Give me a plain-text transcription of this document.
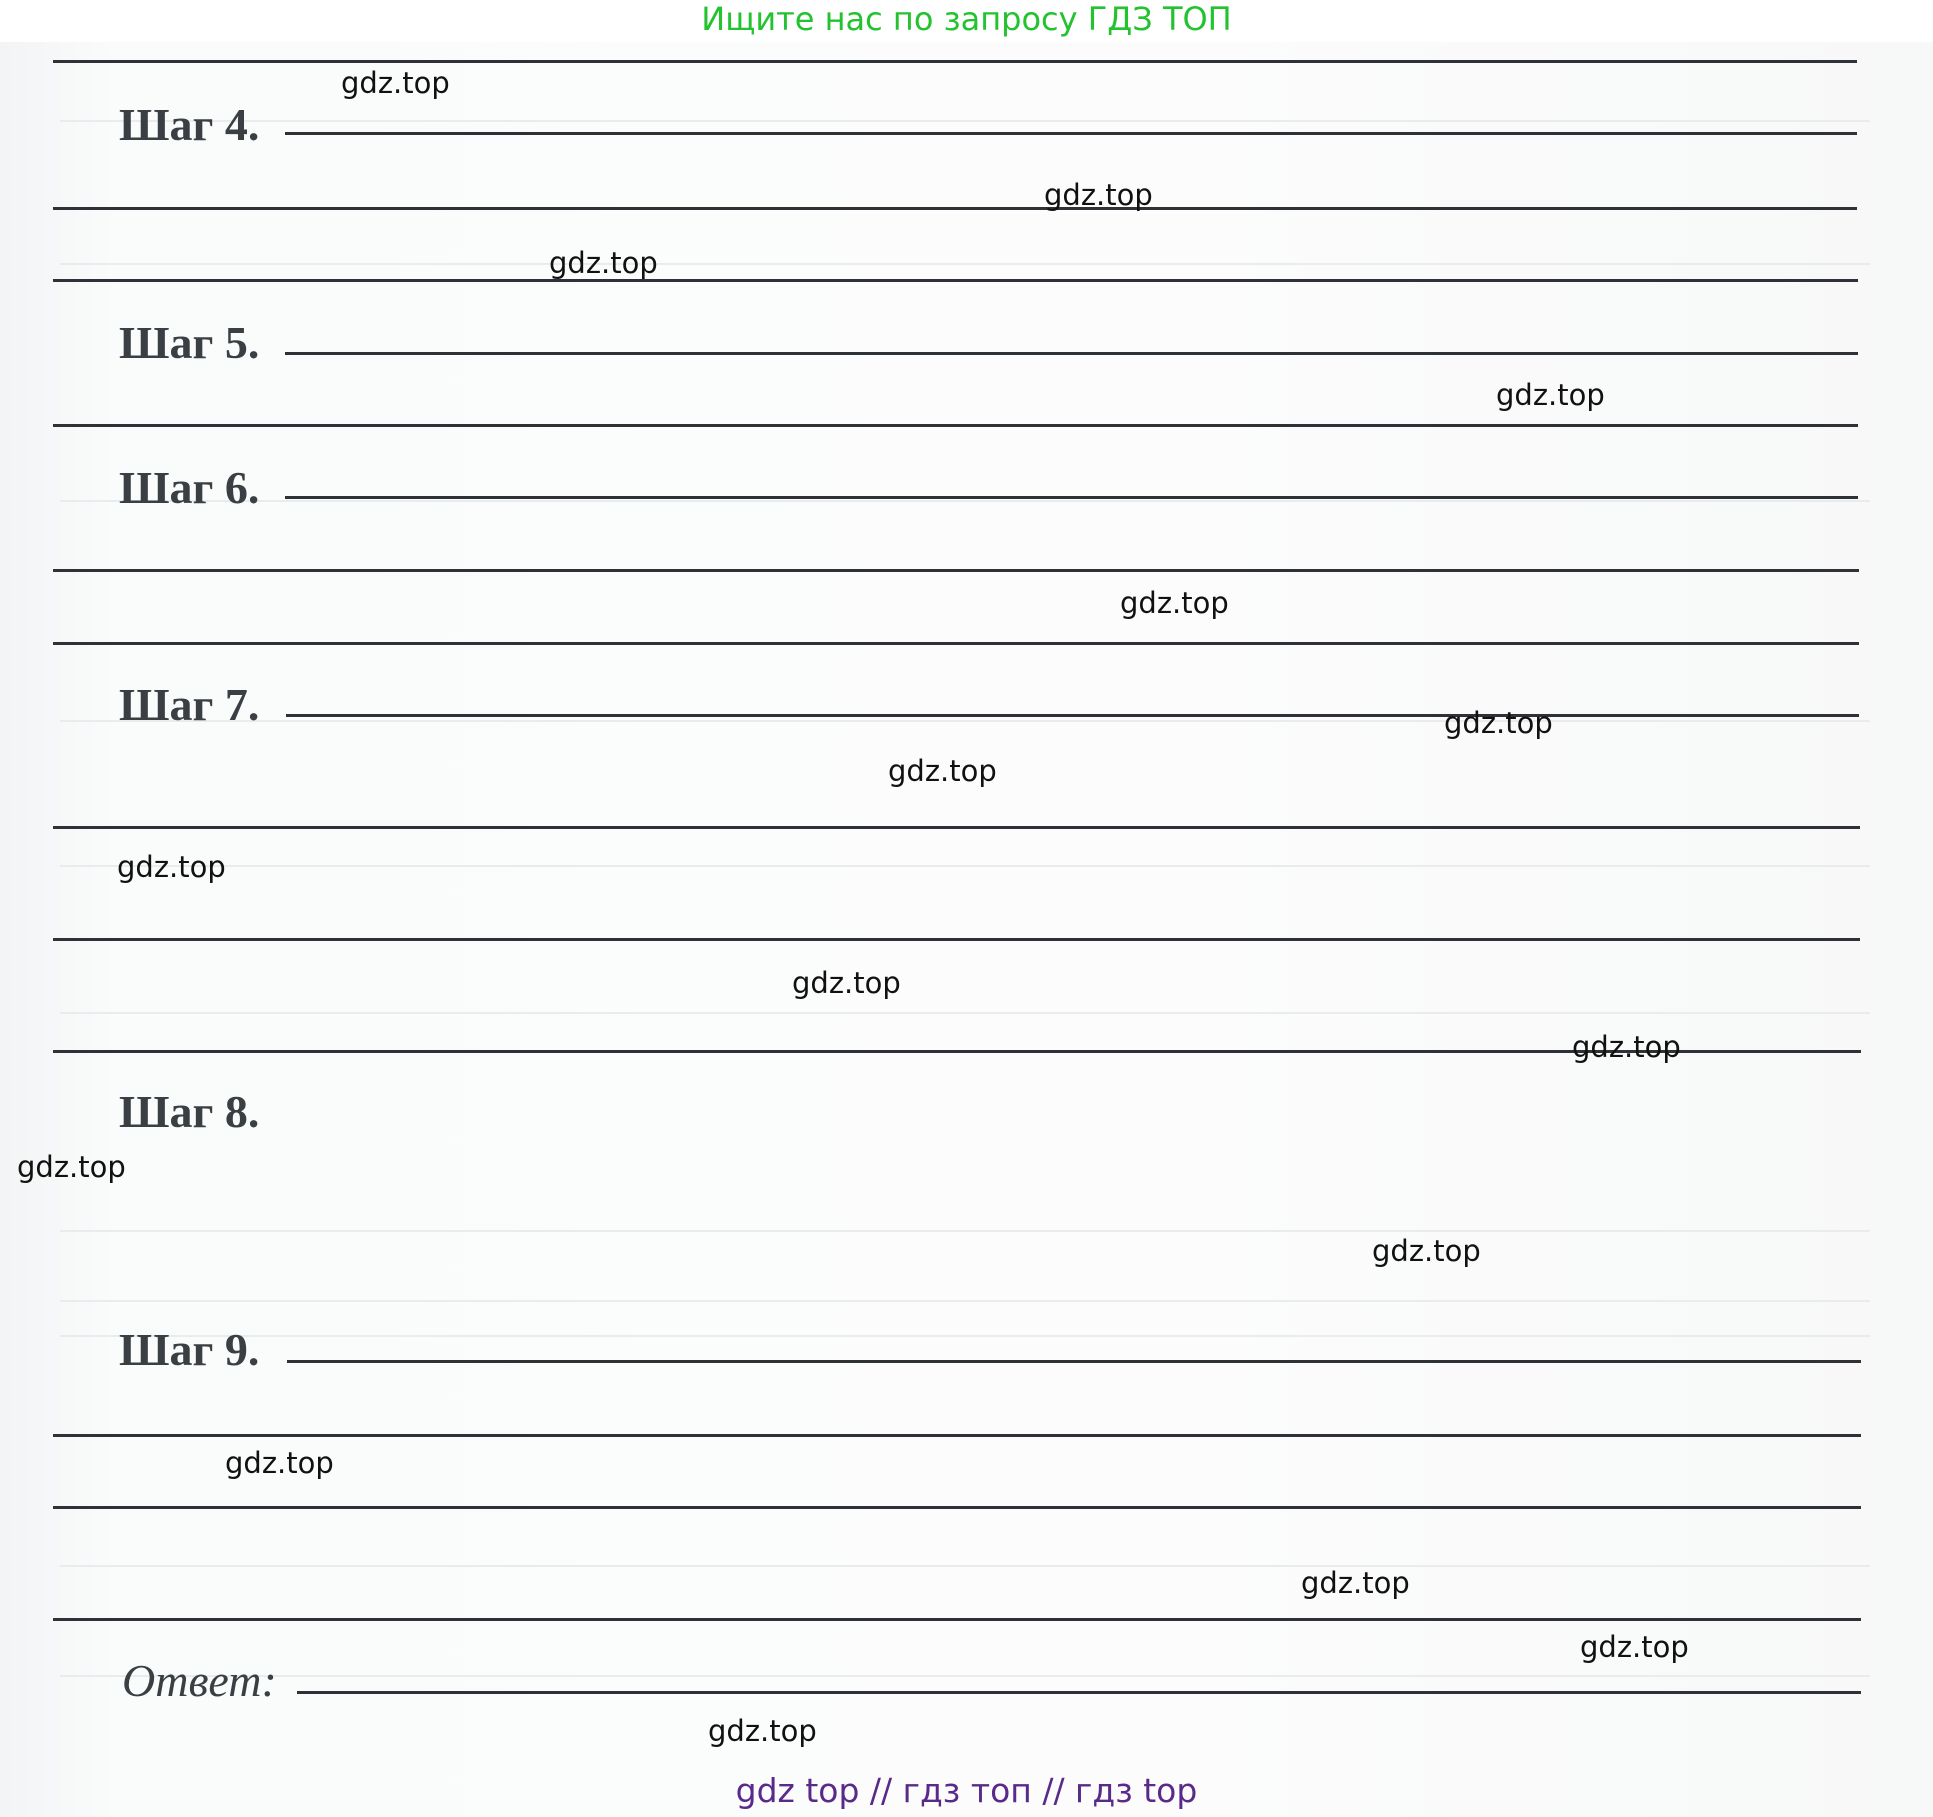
Ищите нас по запросу ГДЗ ТОП
Шаг 4.
Шаг 5.
Шаг 6.
Шаг 7.
Шаг 8.
Шаг 9.
Ответ:
gdz.top
gdz.top
gdz.top
gdz.top
gdz.top
gdz.top
gdz.top
gdz.top
gdz.top
gdz.top
gdz.top
gdz.top
gdz.top
gdz.top
gdz.top
gdz.top
gdz top // гдз топ // гдз top
